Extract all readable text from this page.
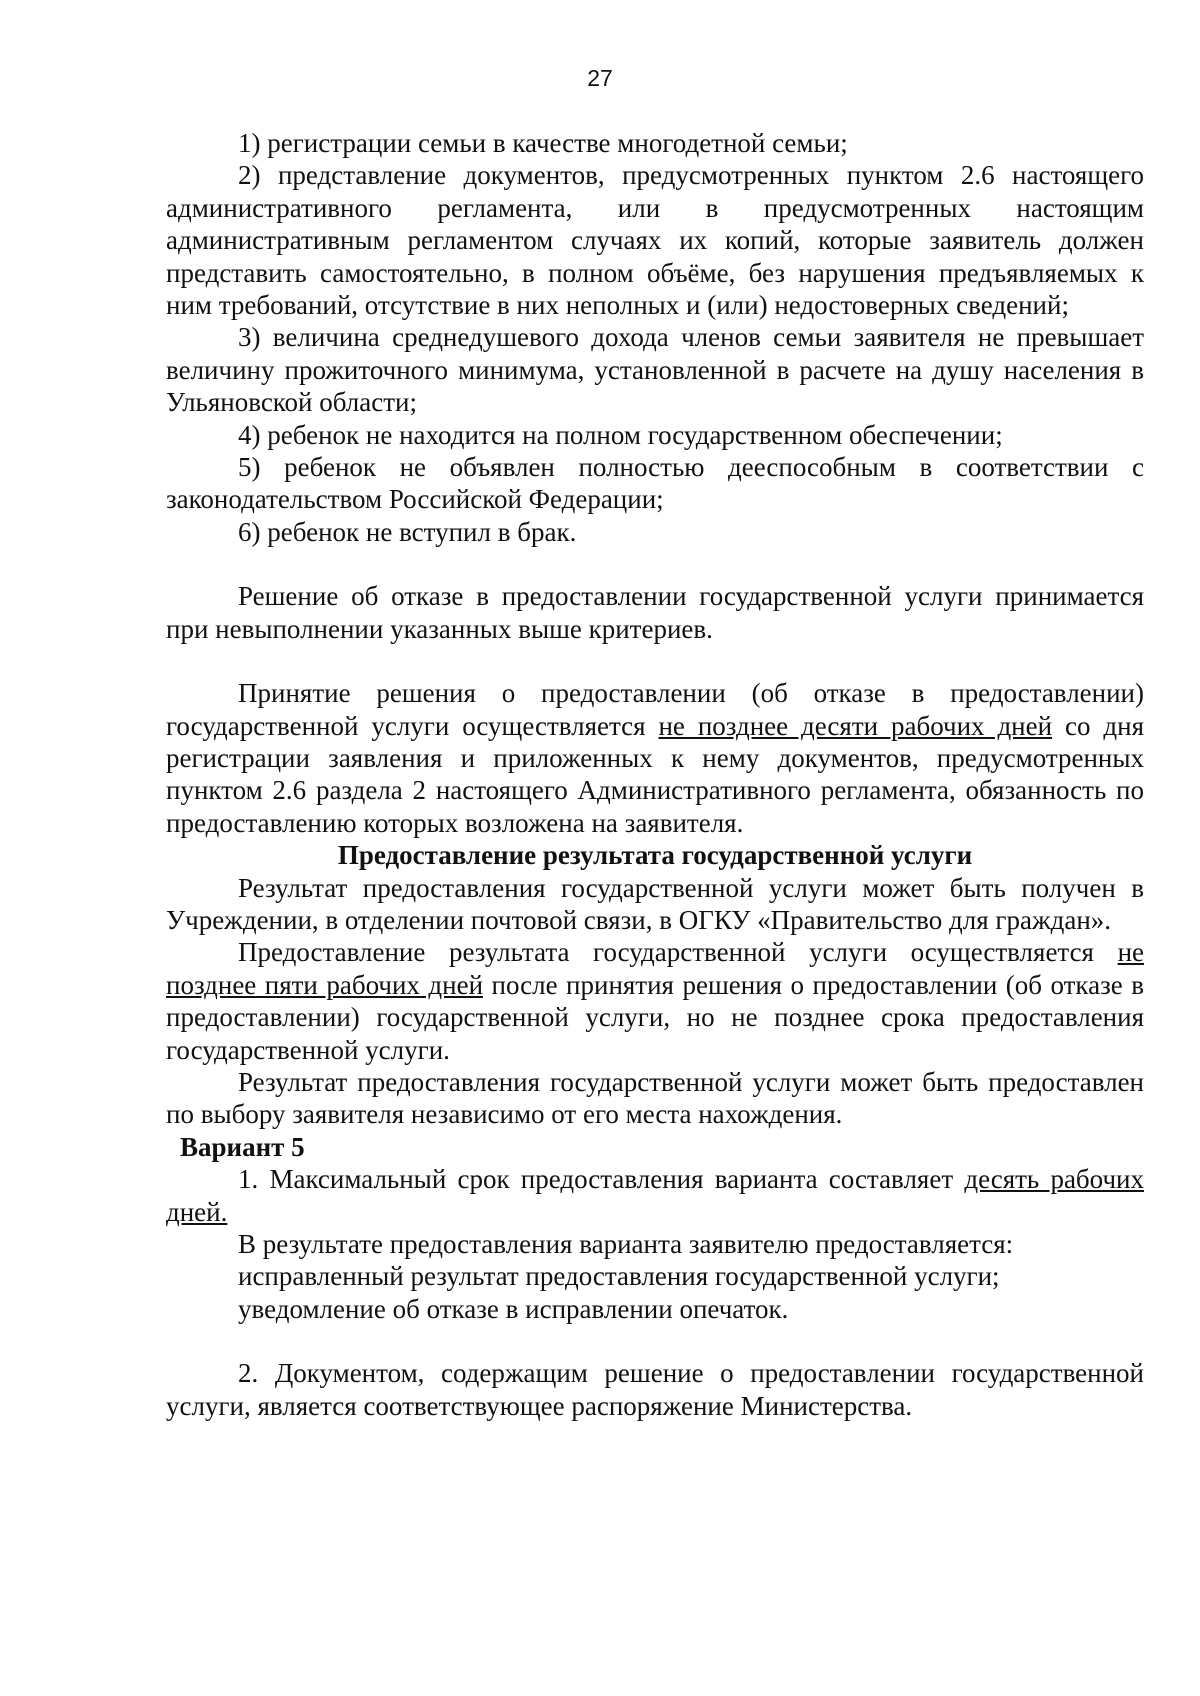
27

1) регистрации семьи в качестве многодетной семьи;

2) представление документов, предусмотренных пунктом 2.6 настоящего административного регламента, или в предусмотренных настоящим административным регламентом случаях их копий, которые заявитель должен представить самостоятельно, в полном объёме, без нарушения предъявляемых к ним требований, отсутствие в них неполных и (или) недостоверных сведений;

3) величина среднедушевого дохода членов семьи заявителя не превышает величину прожиточного минимума, установленной в расчете на душу населения в Ульяновской области;

4) ребенок не находится на полном государственном обеспечении;

5) ребенок не объявлен полностью дееспособным в соответствии с законодательством Российской Федерации;

6) ребенок не вступил в брак.

Решение об отказе в предоставлении государственной услуги принимается при невыполнении указанных выше критериев.

Принятие решения о предоставлении (об отказе в предоставлении) государственной услуги осуществляется не позднее десяти рабочих дней со дня регистрации заявления и приложенных к нему документов, предусмотренных пунктом 2.6 раздела 2 настоящего Административного регламента, обязанность по предоставлению которых возложена на заявителя.

Предоставление результата государственной услуги

Результат предоставления государственной услуги может быть получен в Учреждении, в отделении почтовой связи, в ОГКУ «Правительство для граждан».

Предоставление результата государственной услуги осуществляется не позднее пяти рабочих дней после принятия решения о предоставлении (об отказе в предоставлении) государственной услуги, но не позднее срока предоставления государственной услуги.

Результат предоставления государственной услуги может быть предоставлен по выбору заявителя независимо от его места нахождения.

Вариант 5

1. Максимальный срок предоставления варианта составляет десять рабочих дней.

В результате предоставления варианта заявителю предоставляется:

исправленный результат предоставления государственной услуги;

уведомление об отказе в исправлении опечаток.

2. Документом, содержащим решение о предоставлении государственной услуги, является соответствующее распоряжение Министерства.
